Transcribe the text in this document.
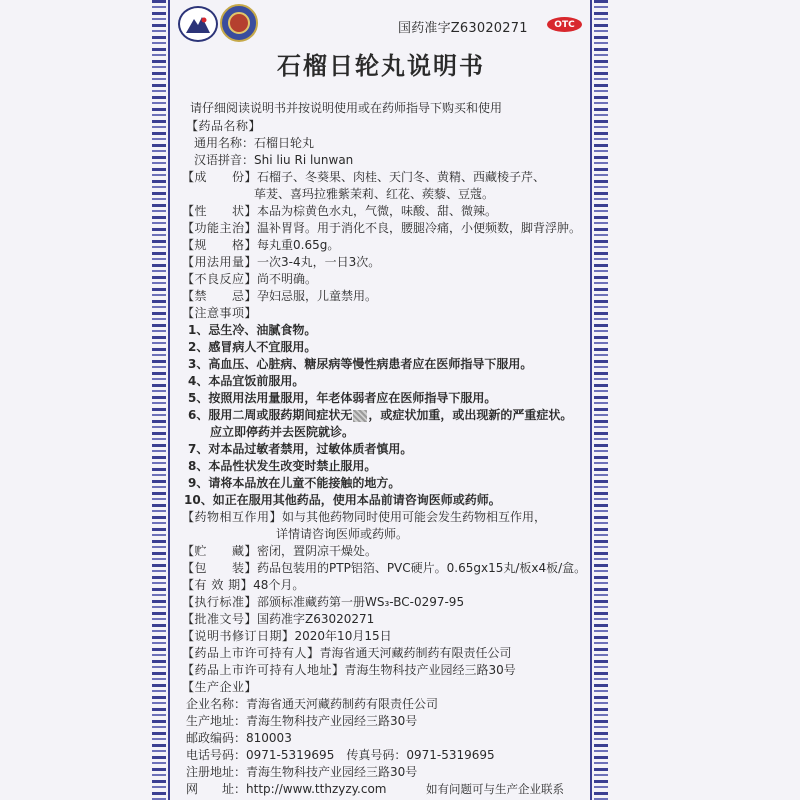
国药准字Z63020271	OTC
石榴日轮丸说明书
请仔细阅读说明书并按说明使用或在药师指导下购买和使用
【药品名称】
通用名称：石榴日轮丸
汉语拼音：Shi liu Ri lunwan
【成　　份】石榴子、冬葵果、肉桂、天门冬、黄精、西藏棱子芹、
荜茇、喜玛拉雅紫茉莉、红花、蒺藜、豆蔻。
【性　　状】本品为棕黄色水丸，气微，味酸、甜、微辣。
【功能主治】温补胃肾。用于消化不良，腰腿冷痛，小便频数，脚背浮肿。
【规　　格】每丸重0.65g。
【用法用量】一次3-4丸，一日3次。
【不良反应】尚不明确。
【禁　　忌】孕妇忌服，儿童禁用。
【注意事项】
1、忌生冷、油腻食物。
2、感冒病人不宜服用。
3、高血压、心脏病、糖尿病等慢性病患者应在医师指导下服用。
4、本品宜饭前服用。
5、按照用法用量服用，年老体弱者应在医师指导下服用。
6、服用二周或服药期间症状无 ，或症状加重，或出现新的严重症状。
应立即停药并去医院就诊。
7、对本品过敏者禁用，过敏体质者慎用。
8、本品性状发生改变时禁止服用。
9、请将本品放在儿童不能接触的地方。
10、如正在服用其他药品，使用本品前请咨询医师或药师。
【药物相互作用】如与其他药物同时使用可能会发生药物相互作用，
详情请咨询医师或药师。
【贮　　藏】密闭，置阴凉干燥处。
【包　　装】药品包装用的PTP铝箔、PVC硬片。0.65gx15丸/板x4板/盒。
【有 效 期】48个月。
【执行标准】部颁标准藏药第一册WS₃-BC-0297-95
【批准文号】国药准字Z63020271
【说明书修订日期】2020年10月15日
【药品上市许可持有人】青海省通天河藏药制药有限责任公司
【药品上市许可持有人地址】青海生物科技产业园经三路30号
【生产企业】
企业名称：青海省通天河藏药制药有限责任公司
生产地址：青海生物科技产业园经三路30号
邮政编码：810003
电话号码：0971-5319695 传真号码：0971-5319695
注册地址：青海生物科技产业园经三路30号
网　　址：http://www.tthzyzy.com	如有问题可与生产企业联系
